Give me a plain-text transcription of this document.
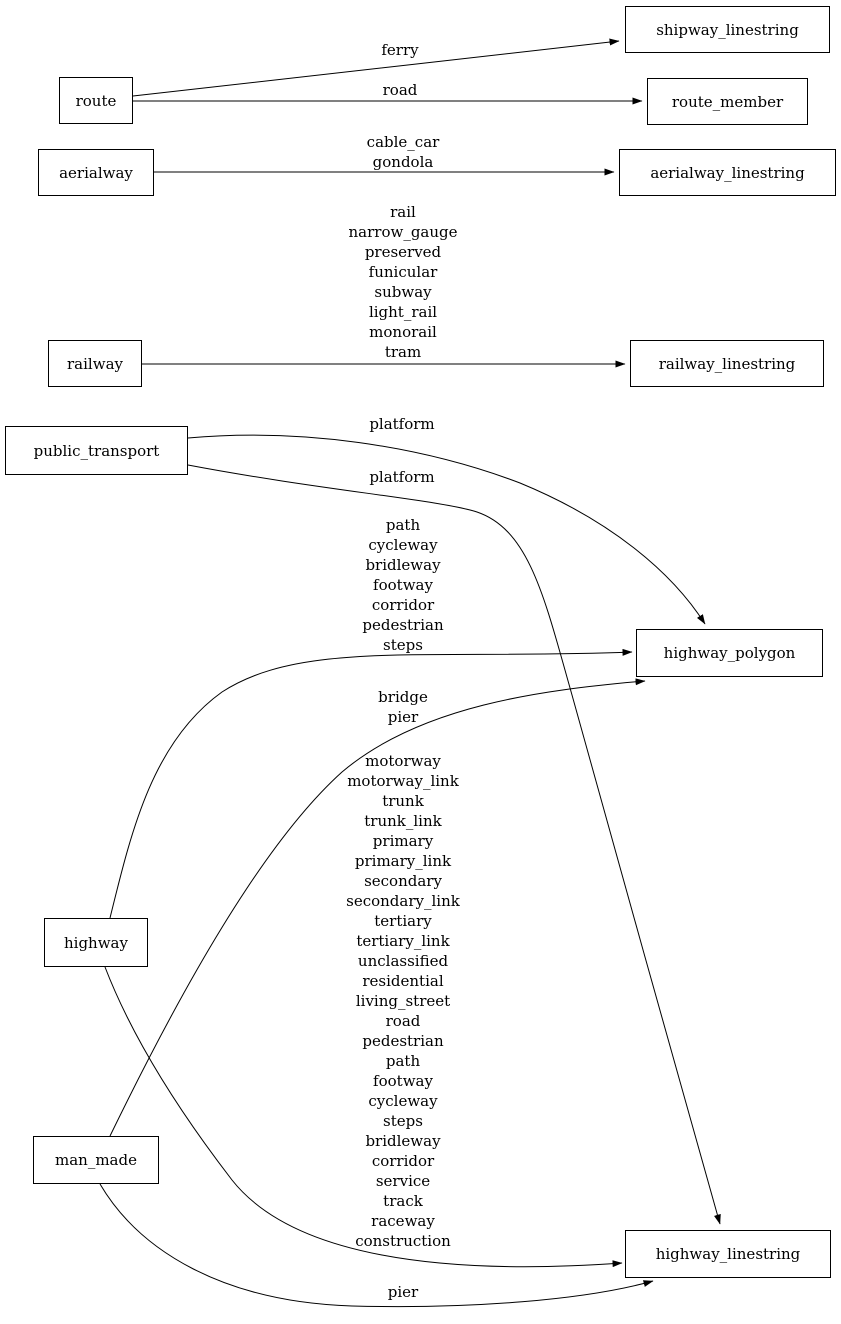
route
aerialway
railway
public_transport
highway
man_made
shipway_linestring
route_member
aerialway_linestring
railway_linestring
highway_polygon
highway_linestring
ferry
road
cable_car
gondola
rail
narrow_gauge
preserved
funicular
subway
light_rail
monorail
tram
platform
platform
path
cycleway
bridleway
footway
corridor
pedestrian
steps
bridge
pier
motorway
motorway_link
trunk
trunk_link
primary
primary_link
secondary
secondary_link
tertiary
tertiary_link
unclassified
residential
living_street
road
pedestrian
path
footway
cycleway
steps
bridleway
corridor
service
track
raceway
construction
pier
